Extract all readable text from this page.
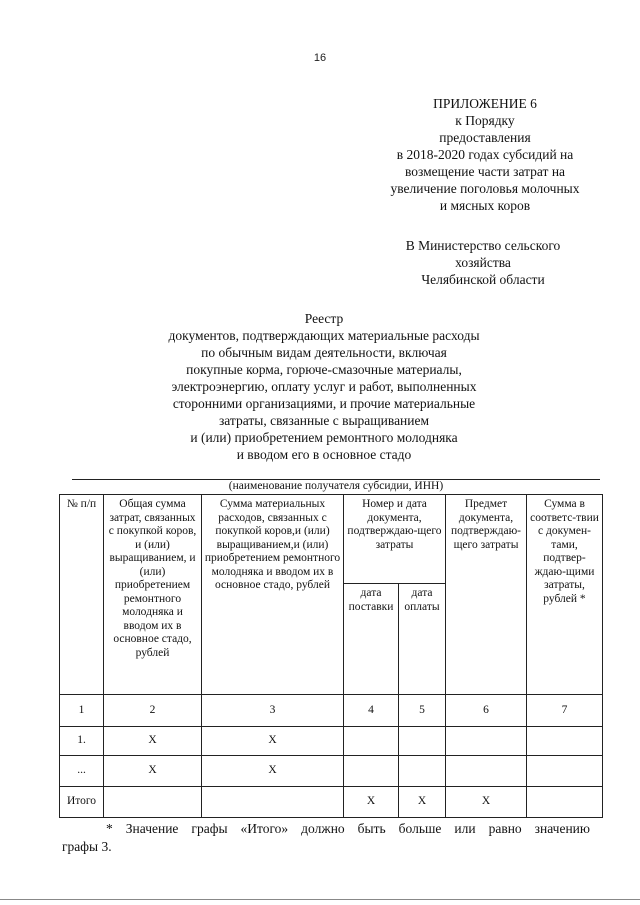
16
ПРИЛОЖЕНИЕ 6
к Порядку
предоставления
в 2018-2020 годах субсидий на
возмещение части затрат на
увеличение поголовья молочных
и мясных коров
В Министерство сельского
хозяйства
Челябинской области
Реестр
документов, подтверждающих материальные расходы
по обычным видам деятельности, включая
покупные корма, горюче-смазочные материалы,
электроэнергию, оплату услуг и работ, выполненных
сторонними организациями, и прочие материальные
затраты, связанные с выращиванием
и (или) приобретением ремонтного молодняка
и вводом его в основное стадо
(наименование получателя субсидии, ИНН)
№ п/п	Общая сумма затрат, связанных с покупкой коров, и (или) выращиванием, и (или) приобретением ремонтного молодняка и вводом их в основное стадо, рублей	Сумма материальных расходов, связанных с покупкой коров,и (или) выращиванием,и (или) приобретением ремонтного молодняка и вводом их в основное стадо, рублей	Номер и дата документа, подтверждаю-щего затраты		Предмет документа, подтверждаю-щего затраты	Сумма в соответс-твии с докумен-тами, подтвер-ждаю-щими затраты, рублей *
			дата поставки	дата оплаты		
1	2	3	4	5	6	7
1.	X	X				
...	X	X				
Итого			X	X	X	
* Значение графы «Итого» должно быть больше или равно значению
графы 3.
